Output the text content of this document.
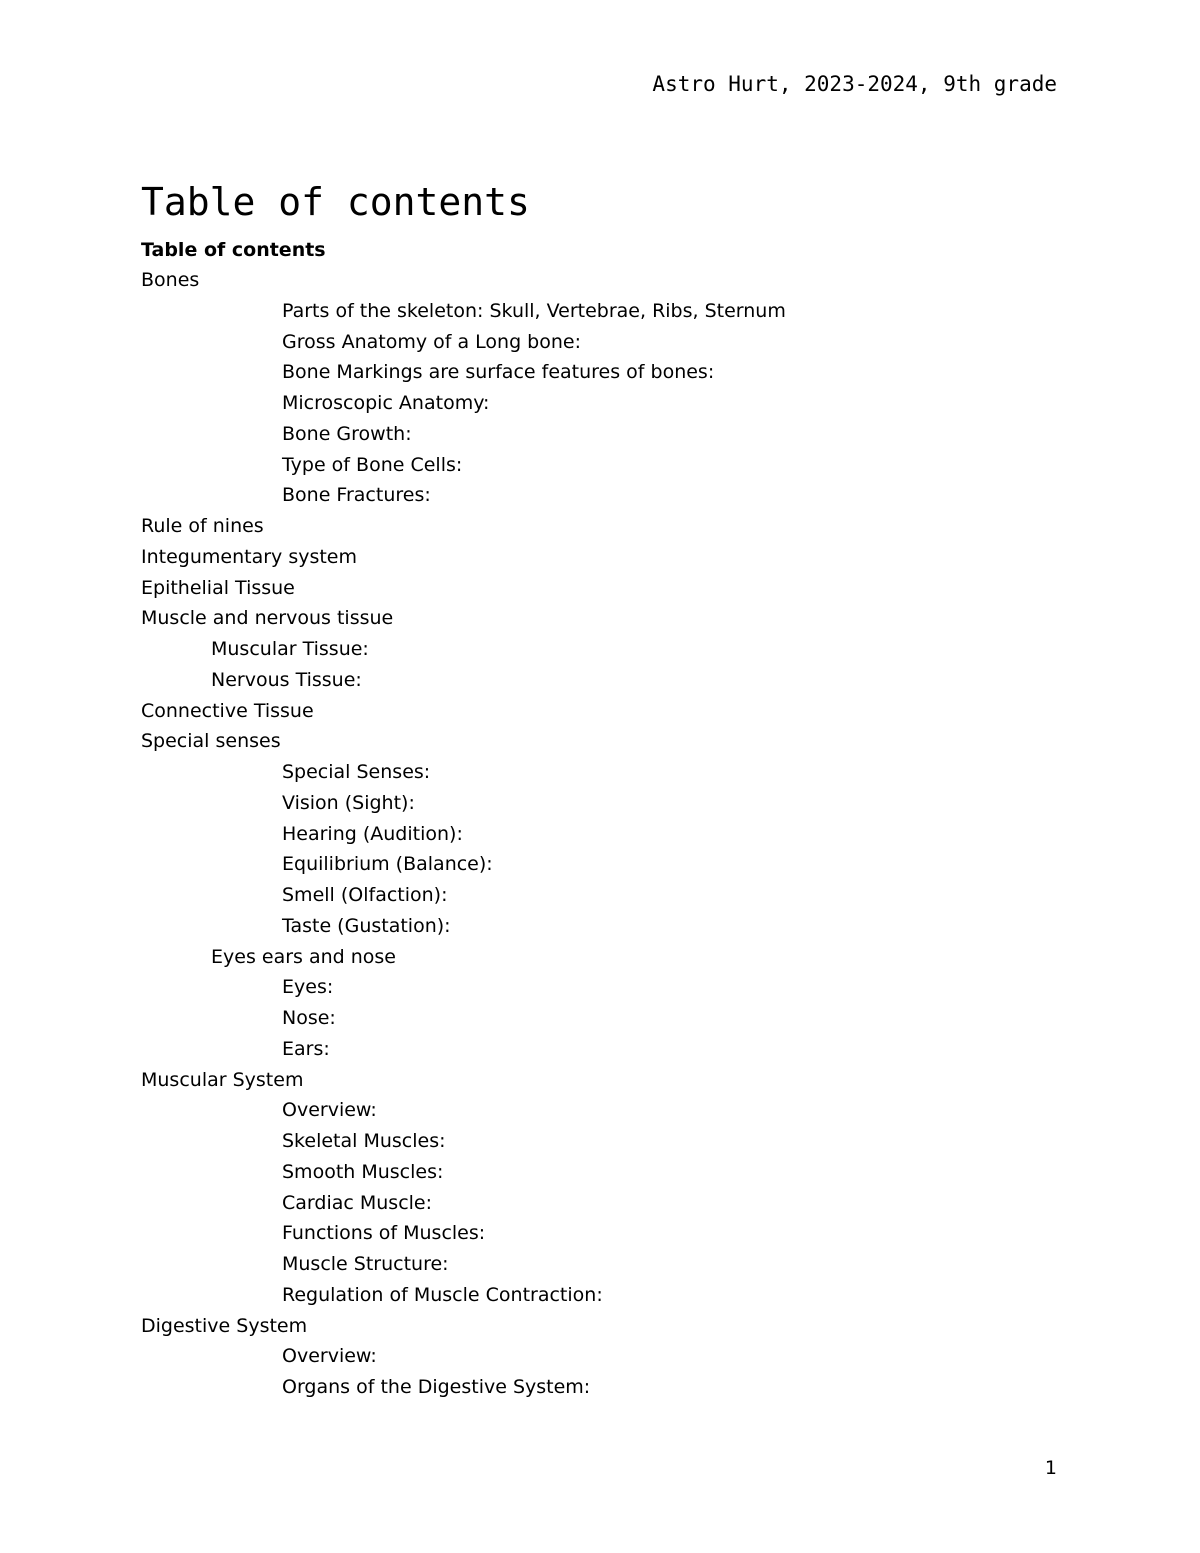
Astro Hurt, 2023-2024, 9th grade
Table of contents
Table of contents
Bones
Parts of the skeleton: Skull, Vertebrae, Ribs, Sternum
Gross Anatomy of a Long bone:
Bone Markings are surface features of bones:
Microscopic Anatomy:
Bone Growth:
Type of Bone Cells:
Bone Fractures:
Rule of nines
Integumentary system
Epithelial Tissue
Muscle and nervous tissue
Muscular Tissue:
Nervous Tissue:
Connective Tissue
Special senses
Special Senses:
Vision (Sight):
Hearing (Audition):
Equilibrium (Balance):
Smell (Olfaction):
Taste (Gustation):
Eyes ears and nose
Eyes:
Nose:
Ears:
Muscular System
Overview:
Skeletal Muscles:
Smooth Muscles:
Cardiac Muscle:
Functions of Muscles:
Muscle Structure:
Regulation of Muscle Contraction:
Digestive System
Overview:
Organs of the Digestive System:
1
